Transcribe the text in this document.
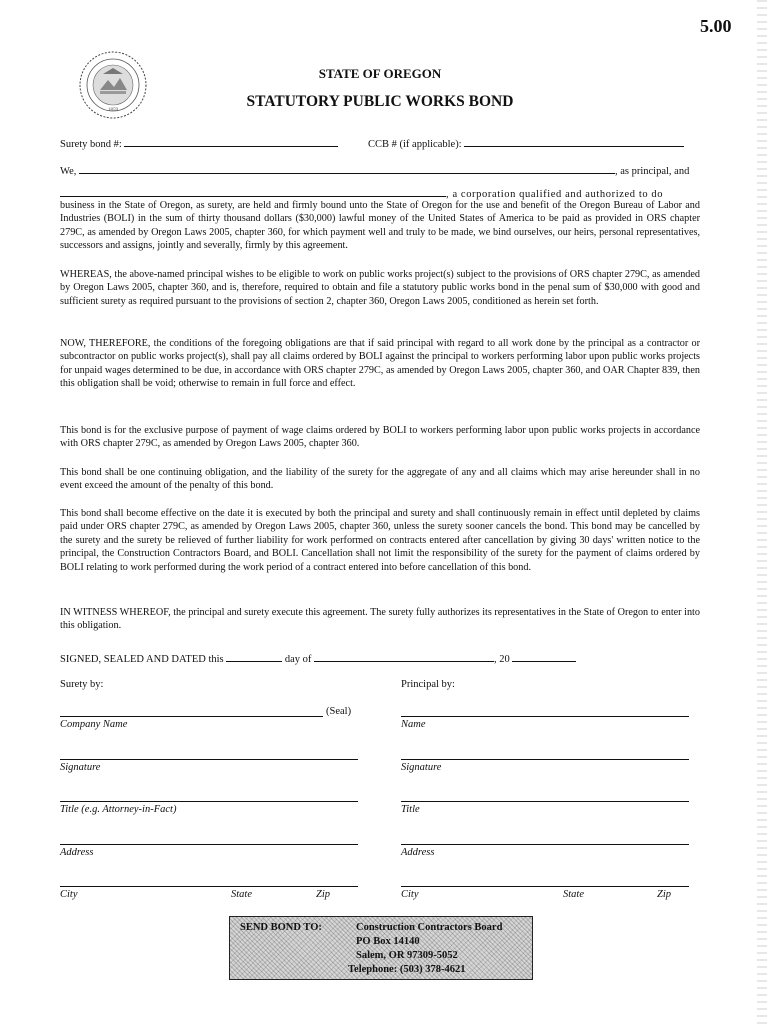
5.00
1859
STATE OF OREGON
STATUTORY PUBLIC WORKS BOND
Surety bond #:	CCB # (if applicable):
We,	, as principal, and
, a corporation qualified and authorized to do

business in the State of Oregon, as surety, are held and firmly bound unto the State of Oregon for the use and benefit of the Oregon Bureau of Labor and Industries (BOLI) in the sum of thirty thousand dollars ($30,000) lawful money of the United States of America to be paid as provided in ORS chapter 279C, as amended by Oregon Laws 2005, chapter 360, for which payment well and truly to be made, we bind ourselves, our heirs, personal representatives, successors and assigns, jointly and severally, firmly by this agreement.

WHEREAS, the above-named principal wishes to be eligible to work on public works project(s) subject to the provisions of ORS chapter 279C, as amended by Oregon Laws 2005, chapter 360, and is, therefore, required to obtain and file a statutory public works bond in the penal sum of $30,000 with good and sufficient surety as required pursuant to the provisions of section 2, chapter 360, Oregon Laws 2005, conditioned as herein set forth.

NOW, THEREFORE, the conditions of the foregoing obligations are that if said principal with regard to all work done by the principal as a contractor or subcontractor on public works project(s), shall pay all claims ordered by BOLI against the principal to workers performing labor upon public works projects for unpaid wages determined to be due, in accordance with ORS chapter 279C, as amended by Oregon Laws 2005, chapter 360, and OAR Chapter 839, then this obligation shall be void; otherwise to remain in full force and effect.

This bond is for the exclusive purpose of payment of wage claims ordered by BOLI to workers performing labor upon public works projects in accordance with ORS chapter 279C, as amended by Oregon Laws 2005, chapter 360.

This bond shall be one continuing obligation, and the liability of the surety for the aggregate of any and all claims which may arise hereunder shall in no event exceed the amount of the penalty of this bond.

This bond shall become effective on the date it is executed by both the principal and surety and shall continuously remain in effect until depleted by claims paid under ORS chapter 279C, as amended by Oregon Laws 2005, chapter 360, unless the surety sooner cancels the bond. This bond may be cancelled by the surety and the surety be relieved of further liability for work performed on contracts entered after cancellation by giving 30 days' written notice to the principal, the Construction Contractors Board, and BOLI. Cancellation shall not limit the responsibility of the surety for the payment of claims ordered by BOLI relating to work performed during the work period of a contract entered into before cancellation of this bond.

IN WITNESS WHEREOF, the principal and surety execute this agreement. The surety fully authorizes its representatives in the State of Oregon to enter into this obligation.

SIGNED, SEALED AND DATED this	day of	, 20
Surety by:	Principal by:
(Seal)
Company Name	Name
Signature	Signature
Title (e.g. Attorney-in-Fact)	Title
Address	Address
City	State	Zip	City	State	Zip
SEND BOND TO:	Construction Contractors Board
PO Box 14140
Salem, OR 97309-5052
Telephone: (503) 378-4621
